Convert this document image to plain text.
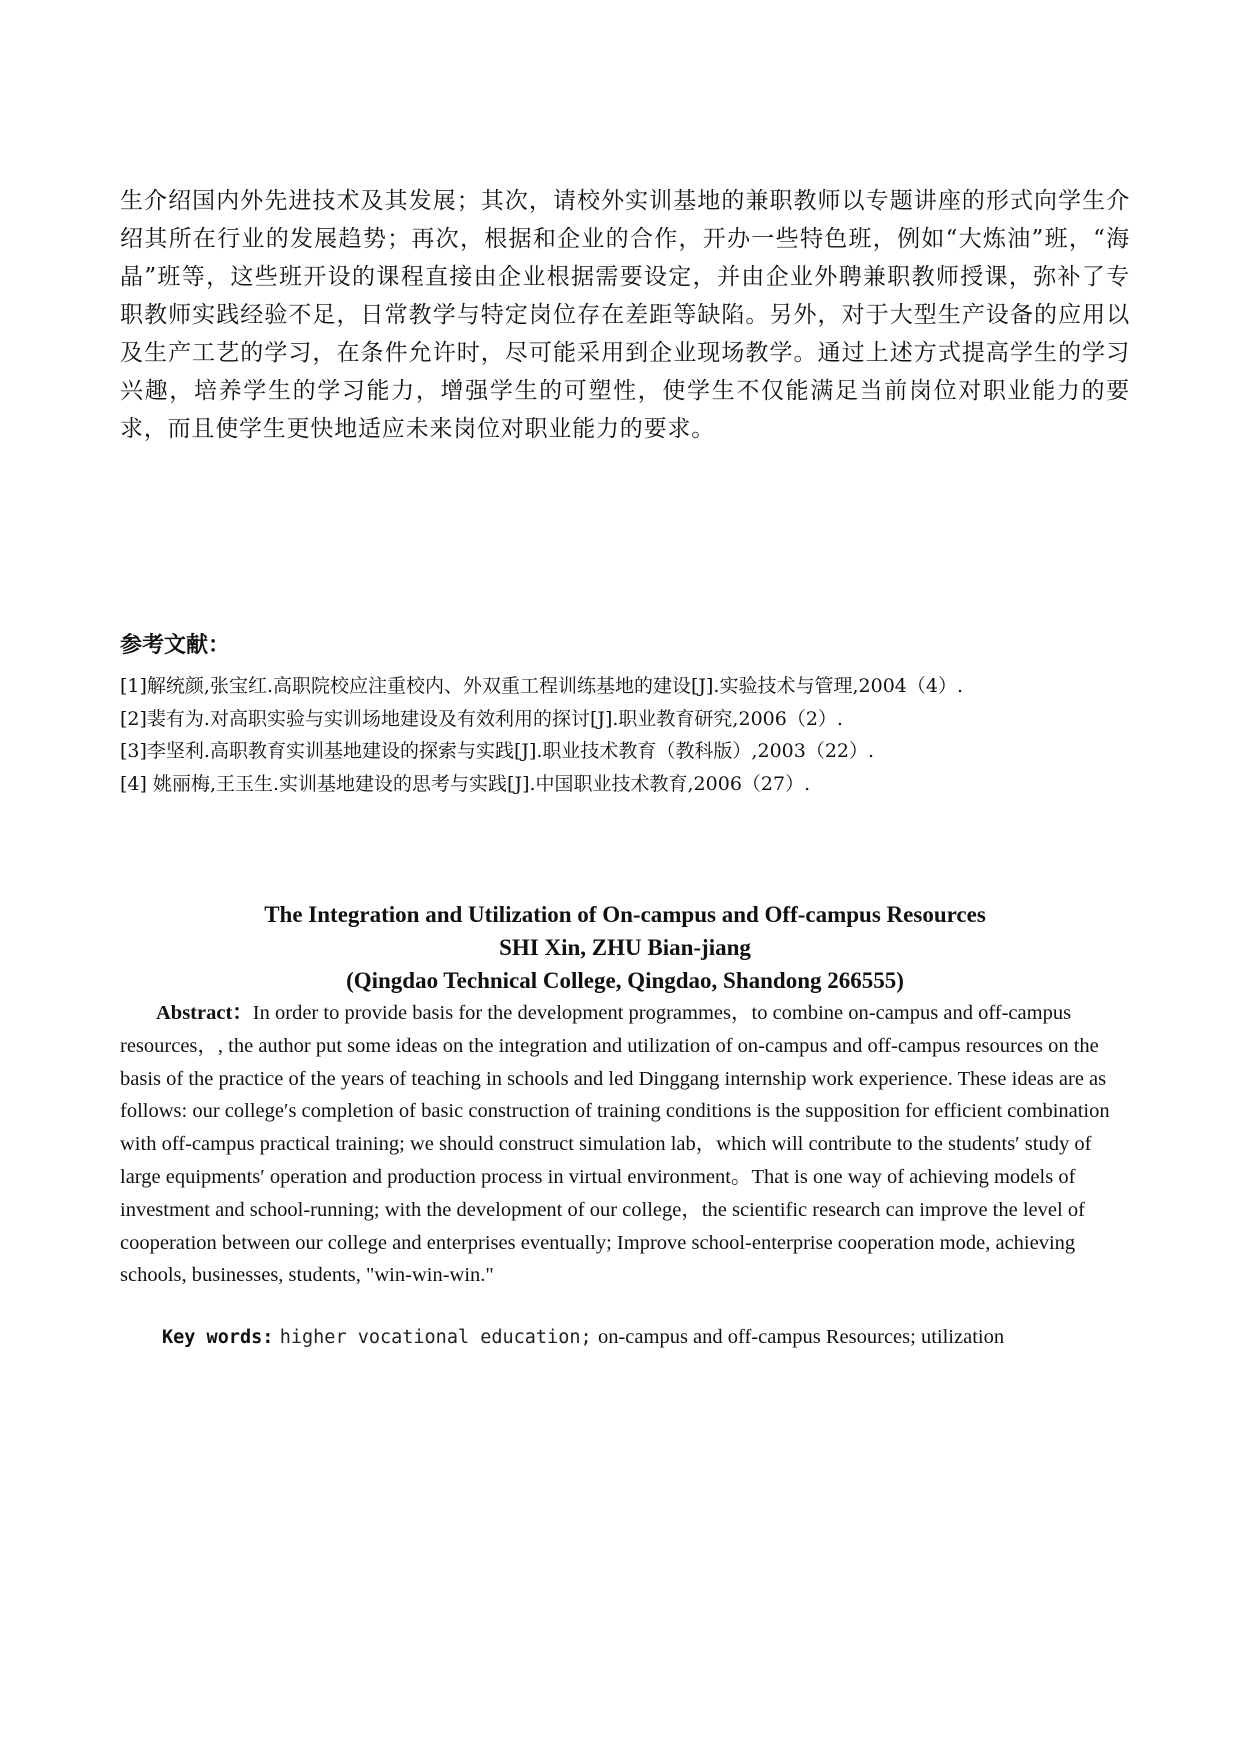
生介绍国内外先进技术及其发展；其次，请校外实训基地的兼职教师以专题讲座的形式向学生介绍其所在行业的发展趋势；再次，根据和企业的合作，开办一些特色班，例如“大炼油”班，“海晶”班等，这些班开设的课程直接由企业根据需要设定，并由企业外聘兼职教师授课，弥补了专职教师实践经验不足，日常教学与特定岗位存在差距等缺陷。另外，对于大型生产设备的应用以及生产工艺的学习，在条件允许时，尽可能采用到企业现场教学。通过上述方式提高学生的学习兴趣，培养学生的学习能力，增强学生的可塑性，使学生不仅能满足当前岗位对职业能力的要求，而且使学生更快地适应未来岗位对职业能力的要求。

参考文献：
[1]解统颜,张宝红.高职院校应注重校内、外双重工程训练基地的建设[J].实验技术与管理,2004（4）.
[2]裴有为.对高职实验与实训场地建设及有效利用的探讨[J].职业教育研究,2006（2）.
[3]李坚利.高职教育实训基地建设的探索与实践[J].职业技术教育（教科版）,2003（22）.
[4] 姚丽梅,王玉生.实训基地建设的思考与实践[J].中国职业技术教育,2006（27）.

The Integration and Utilization of On-campus and Off-campus Resources

SHI Xin, ZHU Bian-jiang

(Qingdao Technical College, Qingdao, Shandong 266555)

Abstract：In order to provide basis for the development programmes，to combine on-campus and off-campus resources，, the author put some ideas on the integration and utilization of on-campus and off-campus resources on the basis of the practice of the years of teaching in schools and led Dinggang internship work experience. These ideas are as follows: our college′s completion of basic construction of training conditions is the supposition for efficient combination with off-campus practical training; we should construct simulation lab，which will contribute to the students′ study of large equipments′ operation and production process in virtual environment。That is one way of achieving models of investment and school-running; with the development of our college，the scientific research can improve the level of cooperation between our college and enterprises eventually; Improve school-enterprise cooperation mode, achieving schools, businesses, students, "win-win-win."

Key words: higher vocational education; on-campus and off-campus Resources; utilization
